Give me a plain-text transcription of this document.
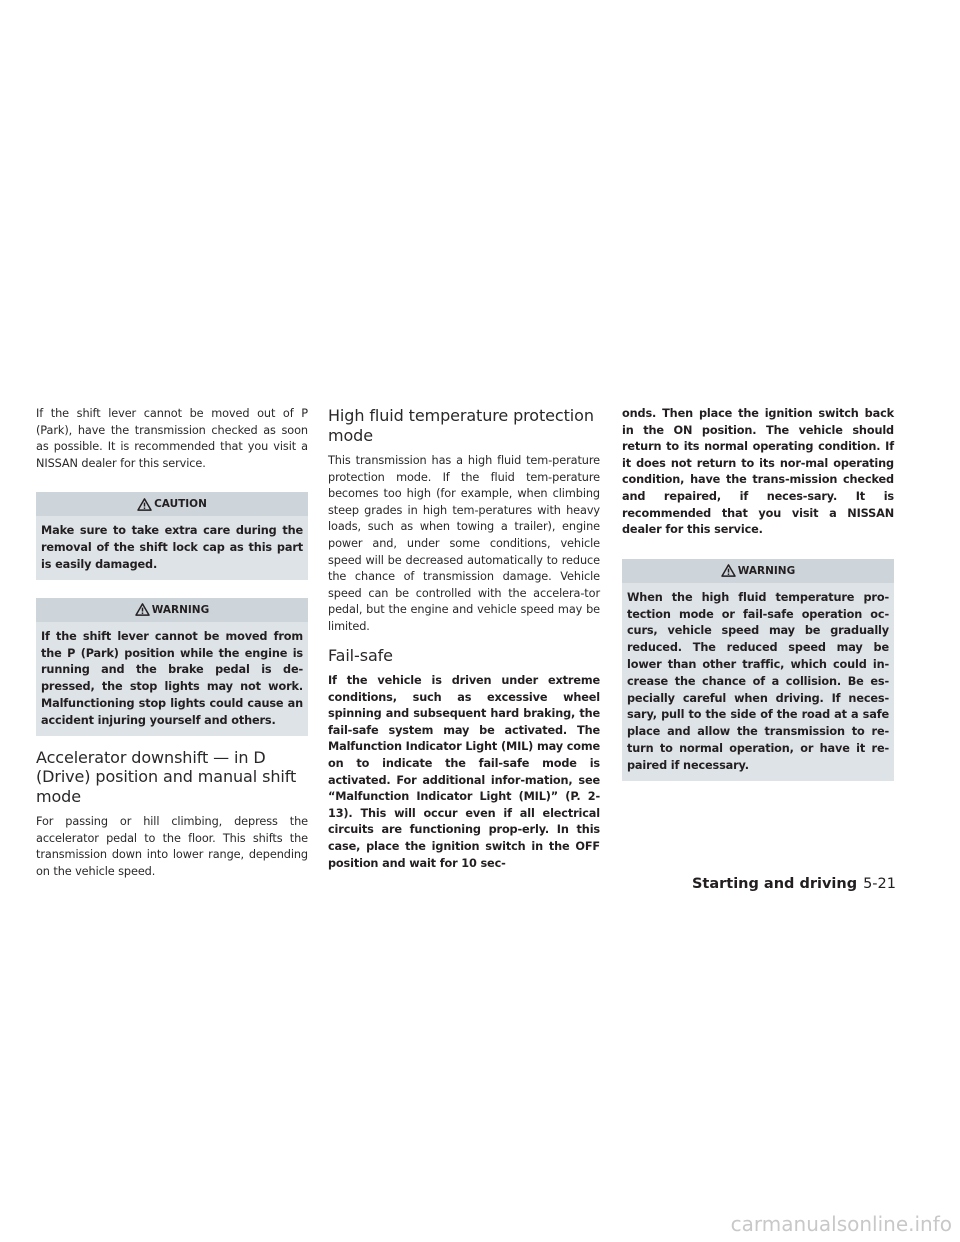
If the shift lever cannot be moved out of P (Park), have the transmission checked as soon as possible. It is recommended that you visit a NISSAN dealer for this service.

CAUTION

Make sure to take extra care during the removal of the shift lock cap as this part is easily damaged.

WARNING

If the shift lever cannot be moved from the P (Park) position while the engine is running and the brake pedal is de-pressed, the stop lights may not work. Malfunctioning stop lights could cause an accident injuring yourself and others.

Accelerator downshift — in D (Drive) position and manual shift mode

For passing or hill climbing, depress the accelerator pedal to the floor. This shifts the transmission down into lower range, depending on the vehicle speed.

High fluid temperature protection mode

This transmission has a high fluid tem-perature protection mode. If the fluid tem-perature becomes too high (for example, when climbing steep grades in high tem-peratures with heavy loads, such as when towing a trailer), engine power and, under some conditions, vehicle speed will be decreased automatically to reduce the chance of transmission damage. Vehicle speed can be controlled with the accelera-tor pedal, but the engine and vehicle speed may be limited.

Fail-safe

If the vehicle is driven under extreme conditions, such as excessive wheel spinning and subsequent hard braking, the fail-safe system may be activated. The Malfunction Indicator Light (MIL) may come on to indicate the fail-safe mode is activated. For additional infor-mation, see “Malfunction Indicator Light (MIL)” (P. 2-13). This will occur even if all electrical circuits are functioning prop-erly. In this case, place the ignition switch in the OFF position and wait for 10 sec-

onds. Then place the ignition switch back in the ON position. The vehicle should return to its normal operating condition. If it does not return to its nor-mal operating condition, have the trans-mission checked and repaired, if neces-sary. It is recommended that you visit a NISSAN dealer for this service.

WARNING

When the high fluid temperature pro-tection mode or fail-safe operation oc-curs, vehicle speed may be gradually reduced. The reduced speed may be lower than other traffic, which could in-crease the chance of a collision. Be es-pecially careful when driving. If neces-sary, pull to the side of the road at a safe place and allow the transmission to re-turn to normal operation, or have it re-paired if necessary.

Starting and driving 5-21
carmanualsonline.info
